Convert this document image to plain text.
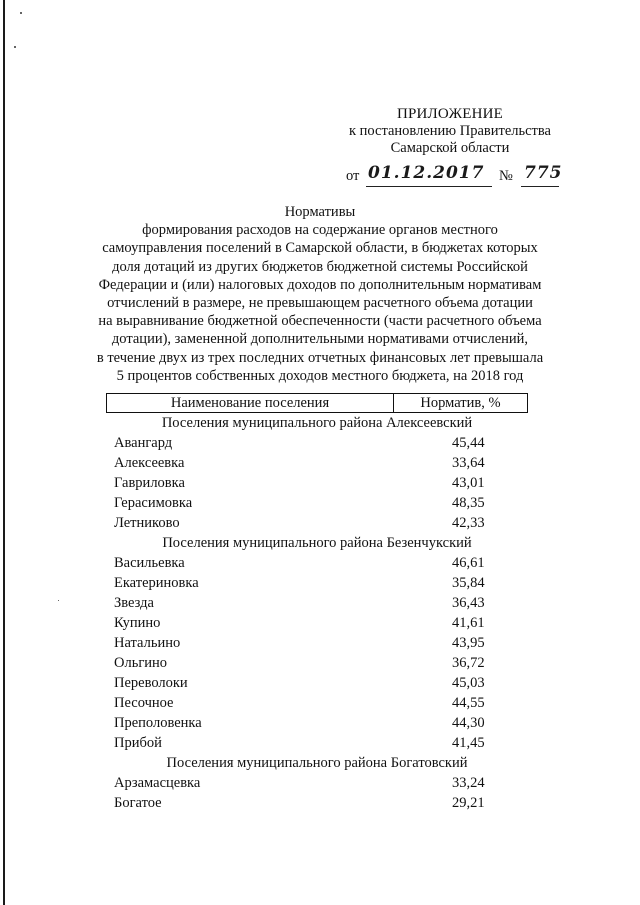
ПРИЛОЖЕНИЕ
к постановлению Правительства
Самарской области
от 01.12.2017 № 775
Нормативы
формирования расходов на содержание органов местного
самоуправления поселений в Самарской области, в бюджетах которых
доля дотаций из других бюджетов бюджетной системы Российской
Федерации и (или) налоговых доходов по дополнительным нормативам
отчислений в размере, не превышающем расчетного объема дотации
на выравнивание бюджетной обеспеченности (части расчетного объема
дотации), замененной дополнительными нормативами отчислений,
в течение двух из трех последних отчетных финансовых лет превышала
5 процентов собственных доходов местного бюджета, на 2018 год
Наименование поселения	Норматив, %
Поселения муниципального района Алексеевский
Авангард	45,44
Алексеевка	33,64
Гавриловка	43,01
Герасимовка	48,35
Летниково	42,33
Поселения муниципального района Безенчукский
Васильевка	46,61
Екатериновка	35,84
Звезда	36,43
Купино	41,61
Натальино	43,95
Ольгино	36,72
Переволоки	45,03
Песочное	44,55
Преполовенка	44,30
Прибой	41,45
Поселения муниципального района Богатовский
Арзамасцевка	33,24
Богатое	29,21
